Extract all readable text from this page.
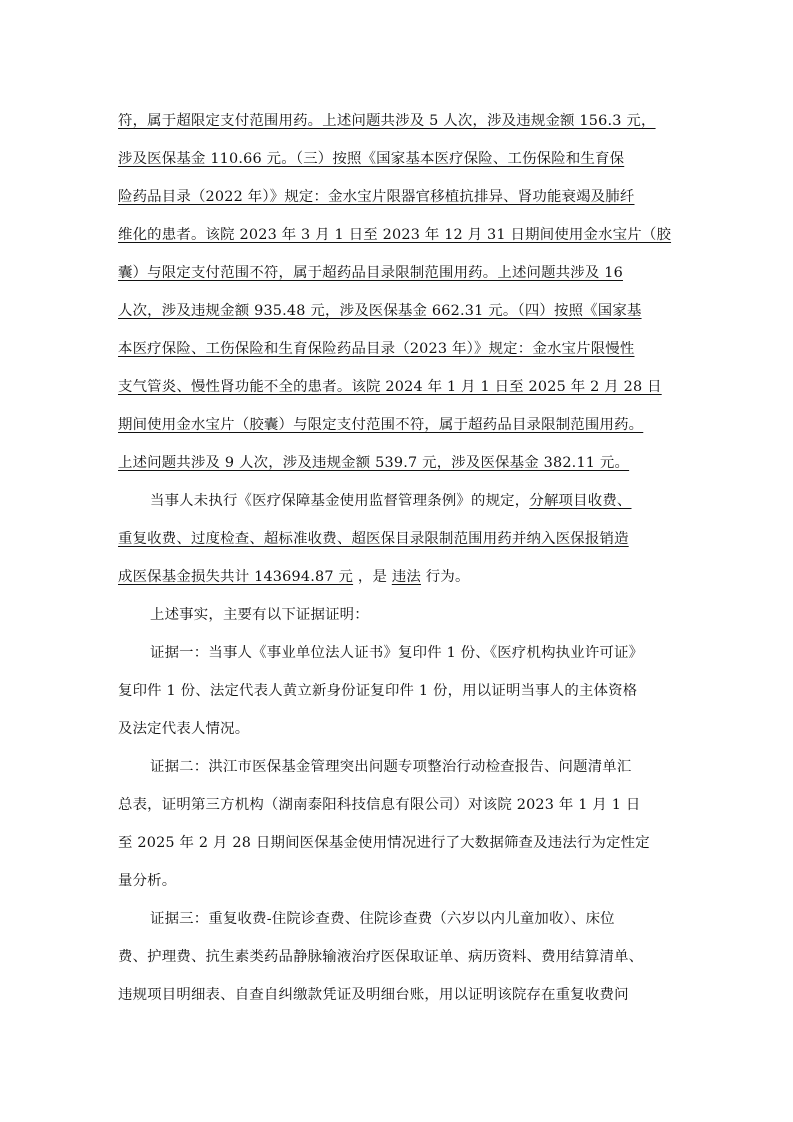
符，属于超限定支付范围用药。上述问题共涉及 5 人次，涉及违规金额 156.3 元，
涉及医保基金 110.66 元。（三）按照《国家基本医疗保险、工伤保险和生育保
险药品目录（2022 年）》规定：金水宝片限器官移植抗排异、肾功能衰竭及肺纤
维化的患者。该院 2023 年 3 月 1 日至 2023 年 12 月 31 日期间使用金水宝片（胶
囊）与限定支付范围不符，属于超药品目录限制范围用药。上述问题共涉及 16
人次，涉及违规金额 935.48 元，涉及医保基金 662.31 元。（四）按照《国家基
本医疗保险、工伤保险和生育保险药品目录（2023 年）》规定：金水宝片限慢性
支气管炎、慢性肾功能不全的患者。该院 2024 年 1 月 1 日至 2025 年 2 月 28 日
期间使用金水宝片（胶囊）与限定支付范围不符，属于超药品目录限制范围用药。
上述问题共涉及 9 人次，涉及违规金额 539.7 元，涉及医保基金 382.11 元。
当事人未执行《医疗保障基金使用监督管理条例》的规定，分解项目收费、
重复收费、过度检查、超标准收费、超医保目录限制范围用药并纳入医保报销造
成医保基金损失共计 143694.87 元 ，是 违法 行为。
上述事实，主要有以下证据证明：
证据一：当事人《事业单位法人证书》复印件 1 份、《医疗机构执业许可证》
复印件 1 份、法定代表人黄立新身份证复印件 1 份，用以证明当事人的主体资格
及法定代表人情况。
证据二：洪江市医保基金管理突出问题专项整治行动检查报告、问题清单汇
总表，证明第三方机构（湖南泰阳科技信息有限公司）对该院 2023 年 1 月 1 日
至 2025 年 2 月 28 日期间医保基金使用情况进行了大数据筛查及违法行为定性定
量分析。
证据三：重复收费-住院诊查费、住院诊查费（六岁以内儿童加收）、床位
费、护理费、抗生素类药品静脉输液治疗医保取证单、病历资料、费用结算清单、
违规项目明细表、自查自纠缴款凭证及明细台账，用以证明该院存在重复收费问
